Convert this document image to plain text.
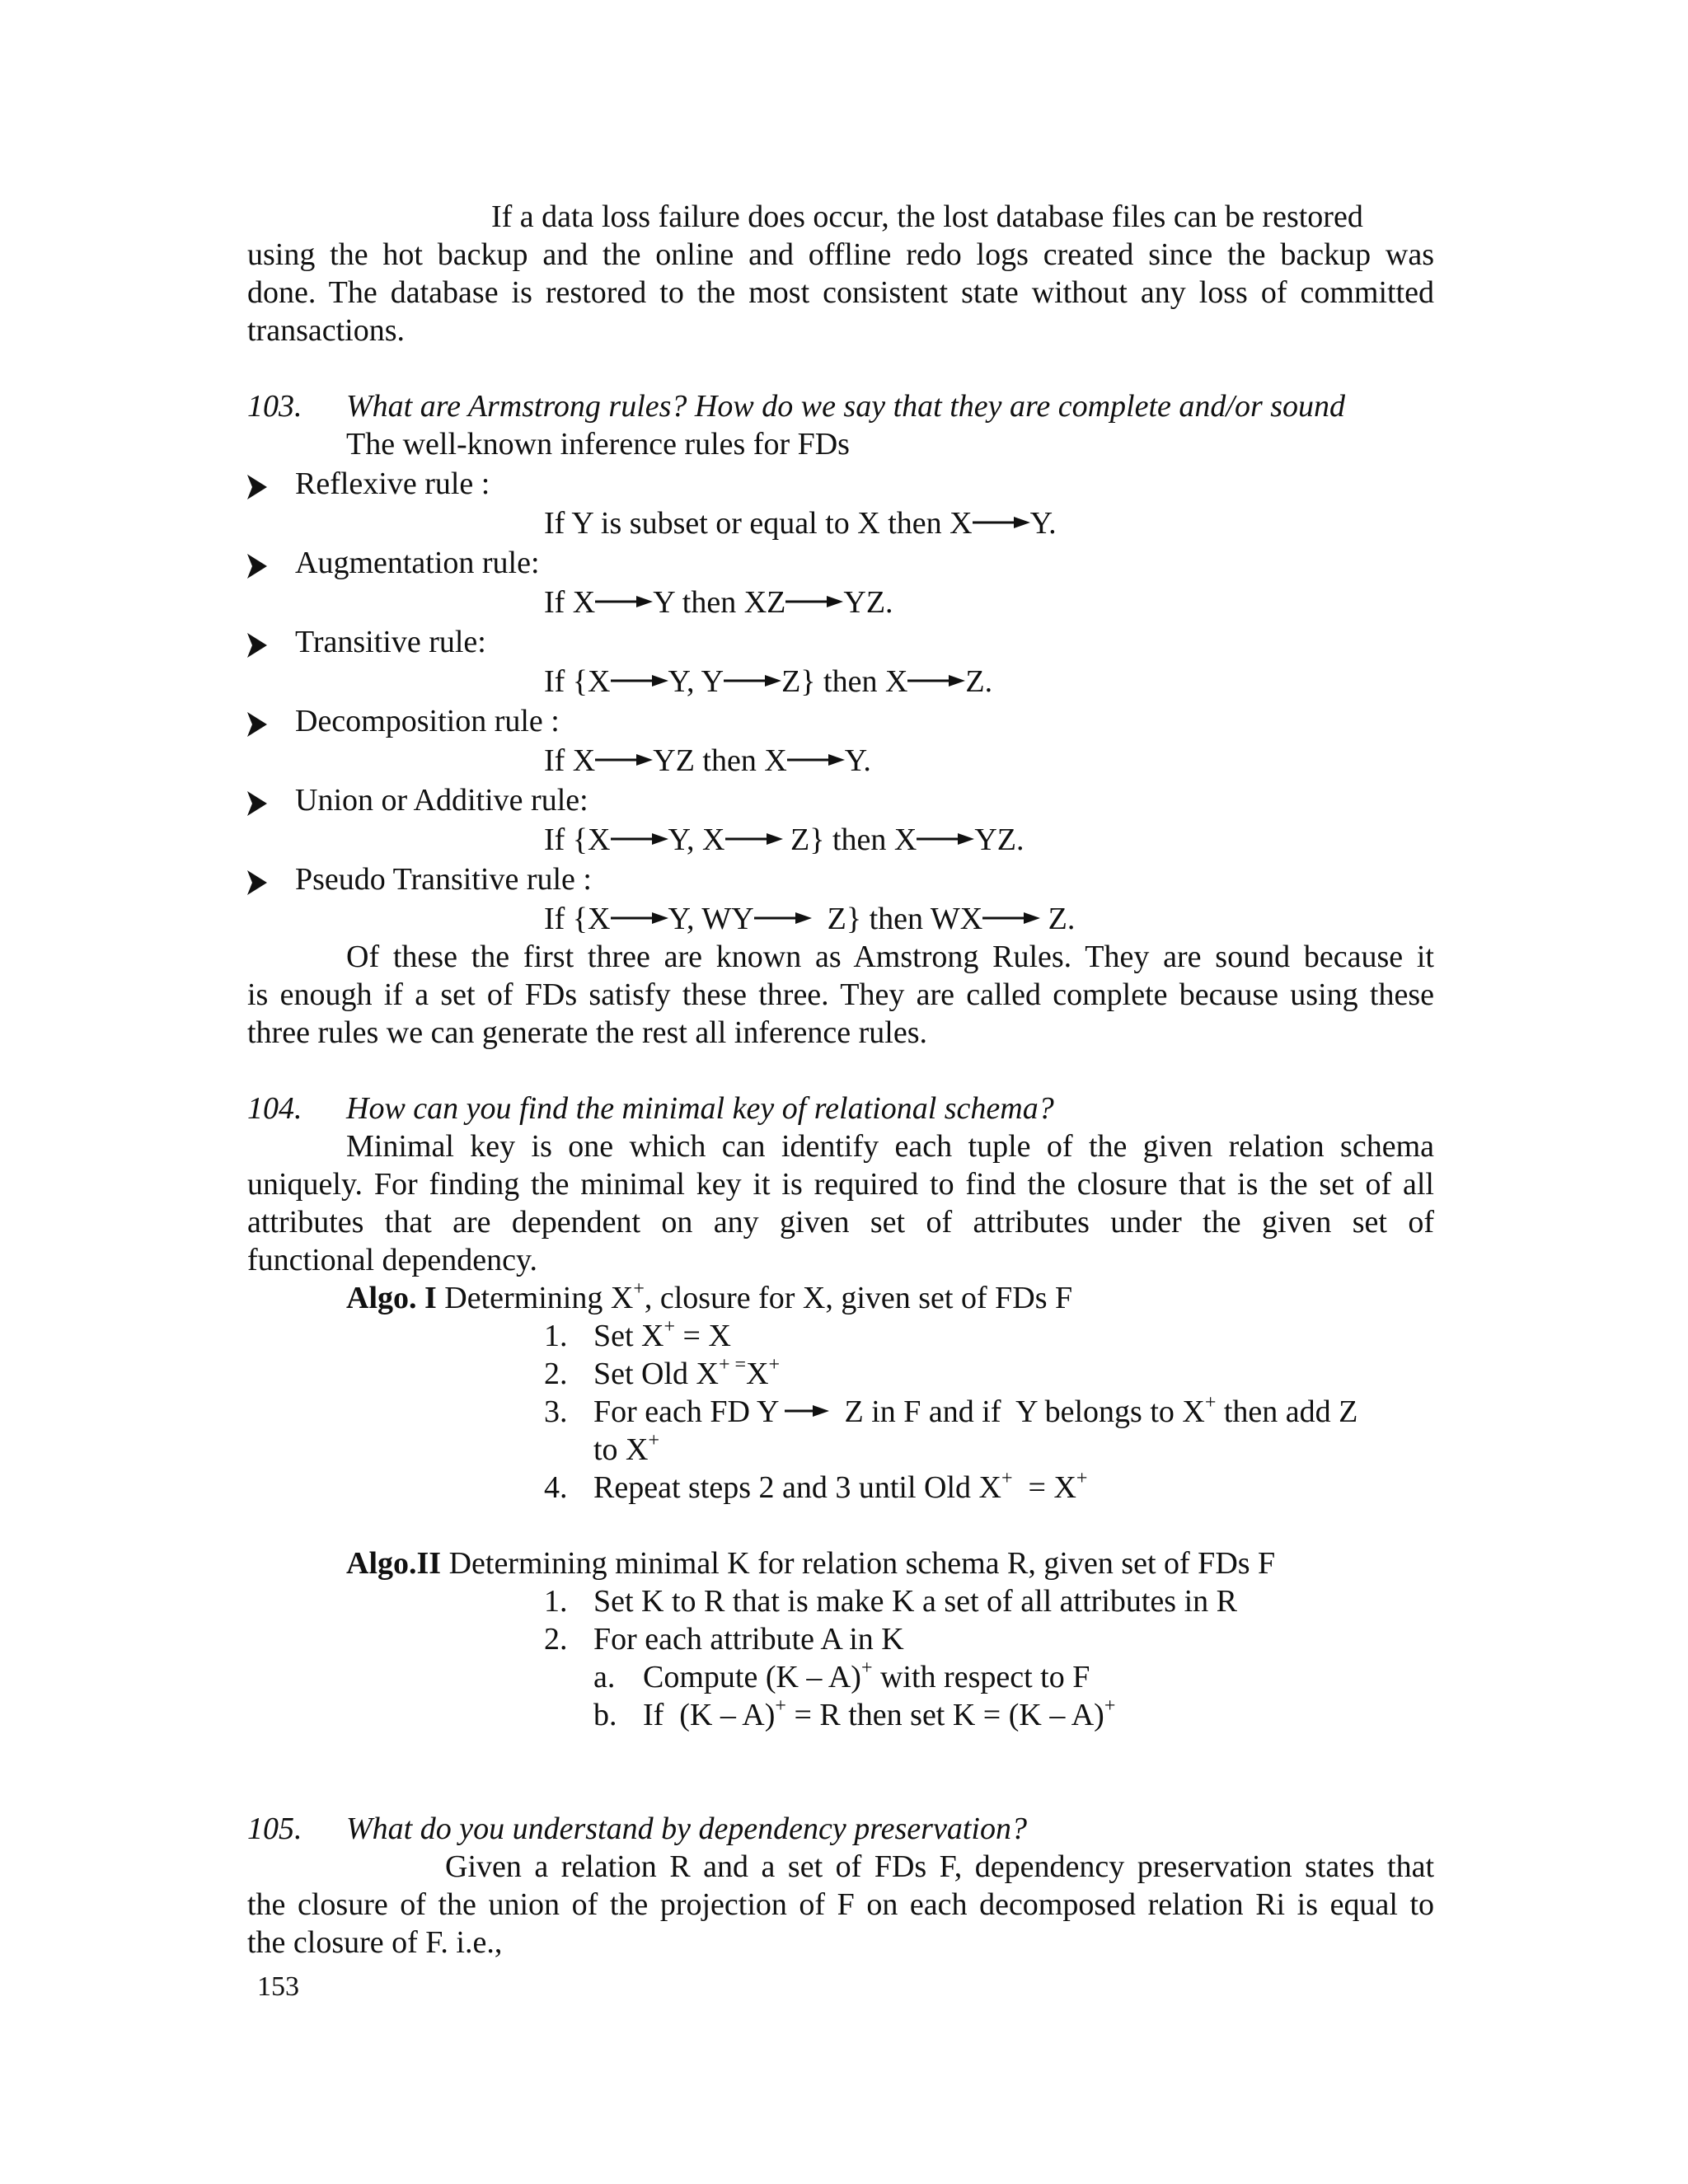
If a data loss failure does occur, the lost database files can be restored
using the hot backup and the online and offline redo logs created since the backup was
done. The database is restored to the most consistent state without any loss of committed
transactions.
103. What are Armstrong rules? How do we say that they are complete and/or sound
The well-known inference rules for FDs
Reflexive rule :
If Y is subset or equal to X then X Y.
Augmentation rule:
If X Y then XZ YZ.
Transitive rule:
If {X Y, Y Z} then X Z.
Decomposition rule :
If X YZ then X Y.
Union or Additive rule:
If {X Y, X
Z} then X YZ.
Pseudo Transitive rule :
If {X Y, WY
Z} then WX
Z.
Of these the first three are known as Amstrong Rules. They are sound because it
is enough if a set of FDs satisfy these three. They are called complete because using these
three rules we can generate the rest all inference rules.
104. How can you find the minimal key of relational schema?
Minimal key is one which can identify each tuple of the given relation schema
uniquely. For finding the minimal key it is required to find the closure that is the set of all
attributes that are dependent on any given set of attributes under the given set of
functional dependency.
Algo. I Determining X+, closure for X, given set of FDs F
1. Set X+ = X
2. Set Old X+ =X+
3. For each FD Y
Z in F and if  Y belongs to X+ then add Z
to X+
4. Repeat steps 2 and 3 until Old X+  = X+
Algo.II Determining minimal K for relation schema R, given set of FDs F
1. Set K to R that is make K a set of all attributes in R
2. For each attribute A in K
a. Compute (K – A)+ with respect to F
b. If  (K – A)+ = R then set K = (K – A)+
105. What do you understand by dependency preservation?
Given a relation R and a set of FDs F, dependency preservation states that
the closure of the union of the projection of F on each decomposed relation Ri is equal to
the closure of F. i.e.,
153
